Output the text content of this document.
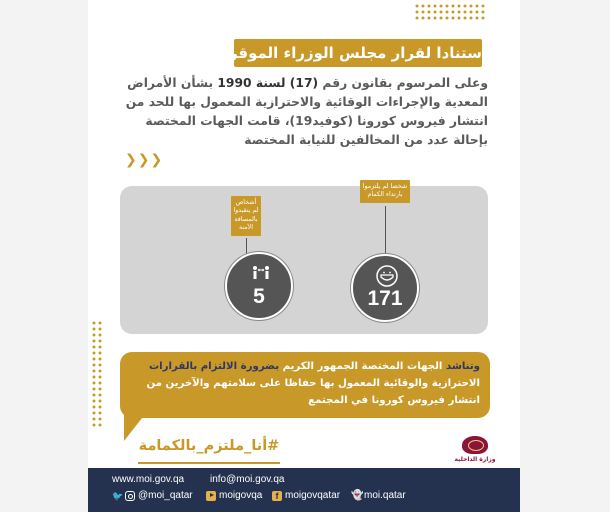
استنادا لقرار مجلس الوزراء الموقر
وعلى المرسوم بقانون رقم (17) لسنة 1990 بشأن الأمراض المعدية والإجراءات الوقائية والاحترازية المعمول بها للحد من انتشار فيروس كورونا (كوفيد19)، قامت الجهات المختصة بإحالة عدد من المخالفين للنيابة المختصة
❯❯❯
شخصا لم يلتزموا بارتداء الكمام
171
أشخاص لم يتقيدوا بالمسافة الآمنة
5
وتناشد الجهات المختصة الجمهور الكريم بضرورة الالتزام بالقرارات الاحترازية والوقائية المعمول بها حفاظا على سلامتهم والآخرين من انتشار فيروس كورونا في المجتمع
#أنا_ملتزم_بالكمامة
وزارة الداخلية
www.moi.gov.qa	info@moi.gov.qa
🐦 @moi_qatar	moigovqa	f moigovqatar 👻 moi.qatar
